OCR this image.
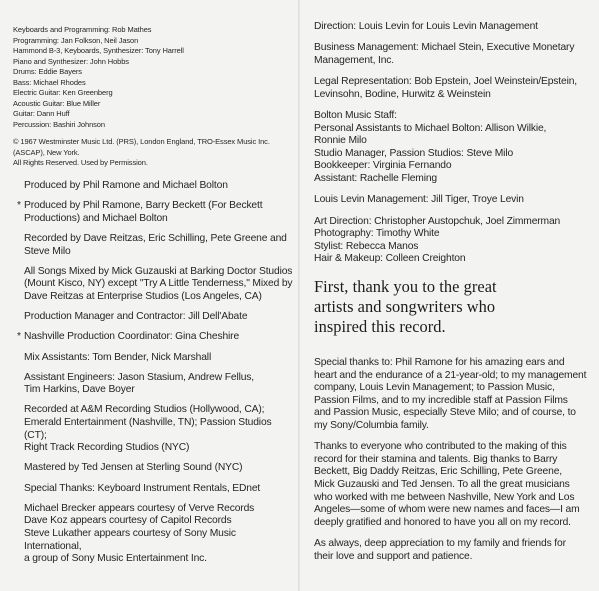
Keyboards and Programming: Rob Mathes

Programming: Jan Folkson, Neil Jason

Hammond B-3, Keyboards, Synthesizer: Tony Harrell

Piano and Synthesizer: John Hobbs

Drums: Eddie Bayers

Bass: Michael Rhodes

Electric Guitar: Ken Greenberg

Acoustic Guitar: Blue Miller

Guitar: Dann Huff

Percussion: Bashiri Johnson

© 1967 Westminster Music Ltd. (PRS), London England, TRO-Essex Music Inc.

(ASCAP), New York.

All Rights Reserved. Used by Permission.

Produced by Phil Ramone and Michael Bolton

* Produced by Phil Ramone, Barry Beckett (For Beckett
Productions) and Michael Bolton

Recorded by Dave Reitzas, Eric Schilling, Pete Greene and
Steve Milo

All Songs Mixed by Mick Guzauski at Barking Doctor Studios
(Mount Kisco, NY) except "Try A Little Tenderness," Mixed by
Dave Reitzas at Enterprise Studios (Los Angeles, CA)

Production Manager and Contractor: Jill Dell'Abate

* Nashville Production Coordinator: Gina Cheshire

Mix Assistants: Tom Bender, Nick Marshall

Assistant Engineers: Jason Stasium, Andrew Fellus,
Tim Harkins, Dave Boyer

Recorded at A&M Recording Studios (Hollywood, CA);
Emerald Entertainment (Nashville, TN); Passion Studios (CT);
Right Track Recording Studios (NYC)

Mastered by Ted Jensen at Sterling Sound (NYC)

Special Thanks: Keyboard Instrument Rentals, EDnet

Michael Brecker appears courtesy of Verve Records
Dave Koz appears courtesy of Capitol Records
Steve Lukather appears courtesy of Sony Music International,
a group of Sony Music Entertainment Inc.

Direction: Louis Levin for Louis Levin Management

Business Management: Michael Stein, Executive Monetary
Management, Inc.

Legal Representation: Bob Epstein, Joel Weinstein/Epstein,
Levinsohn, Bodine, Hurwitz & Weinstein

Bolton Music Staff:
Personal Assistants to Michael Bolton: Allison Wilkie,
Ronnie Milo
Studio Manager, Passion Studios: Steve Milo
Bookkeeper: Virginia Fernando
Assistant: Rachelle Fleming

Louis Levin Management: Jill Tiger, Troye Levin

Art Direction: Christopher Austopchuk, Joel Zimmerman
Photography: Timothy White
Stylist: Rebecca Manos
Hair & Makeup: Colleen Creighton

First, thank you to the great
artists and songwriters who
inspired this record.

Special thanks to: Phil Ramone for his amazing ears and
heart and the endurance of a 21-year-old; to my management
company, Louis Levin Management; to Passion Music,
Passion Films, and to my incredible staff at Passion Films
and Passion Music, especially Steve Milo; and of course, to
my Sony/Columbia family.

Thanks to everyone who contributed to the making of this
record for their stamina and talents. Big thanks to Barry
Beckett, Big Daddy Reitzas, Eric Schilling, Pete Greene,
Mick Guzauski and Ted Jensen. To all the great musicians
who worked with me between Nashville, New York and Los
Angeles—some of whom were new names and faces—I am
deeply gratified and honored to have you all on my record.

As always, deep appreciation to my family and friends for
their love and support and patience.
